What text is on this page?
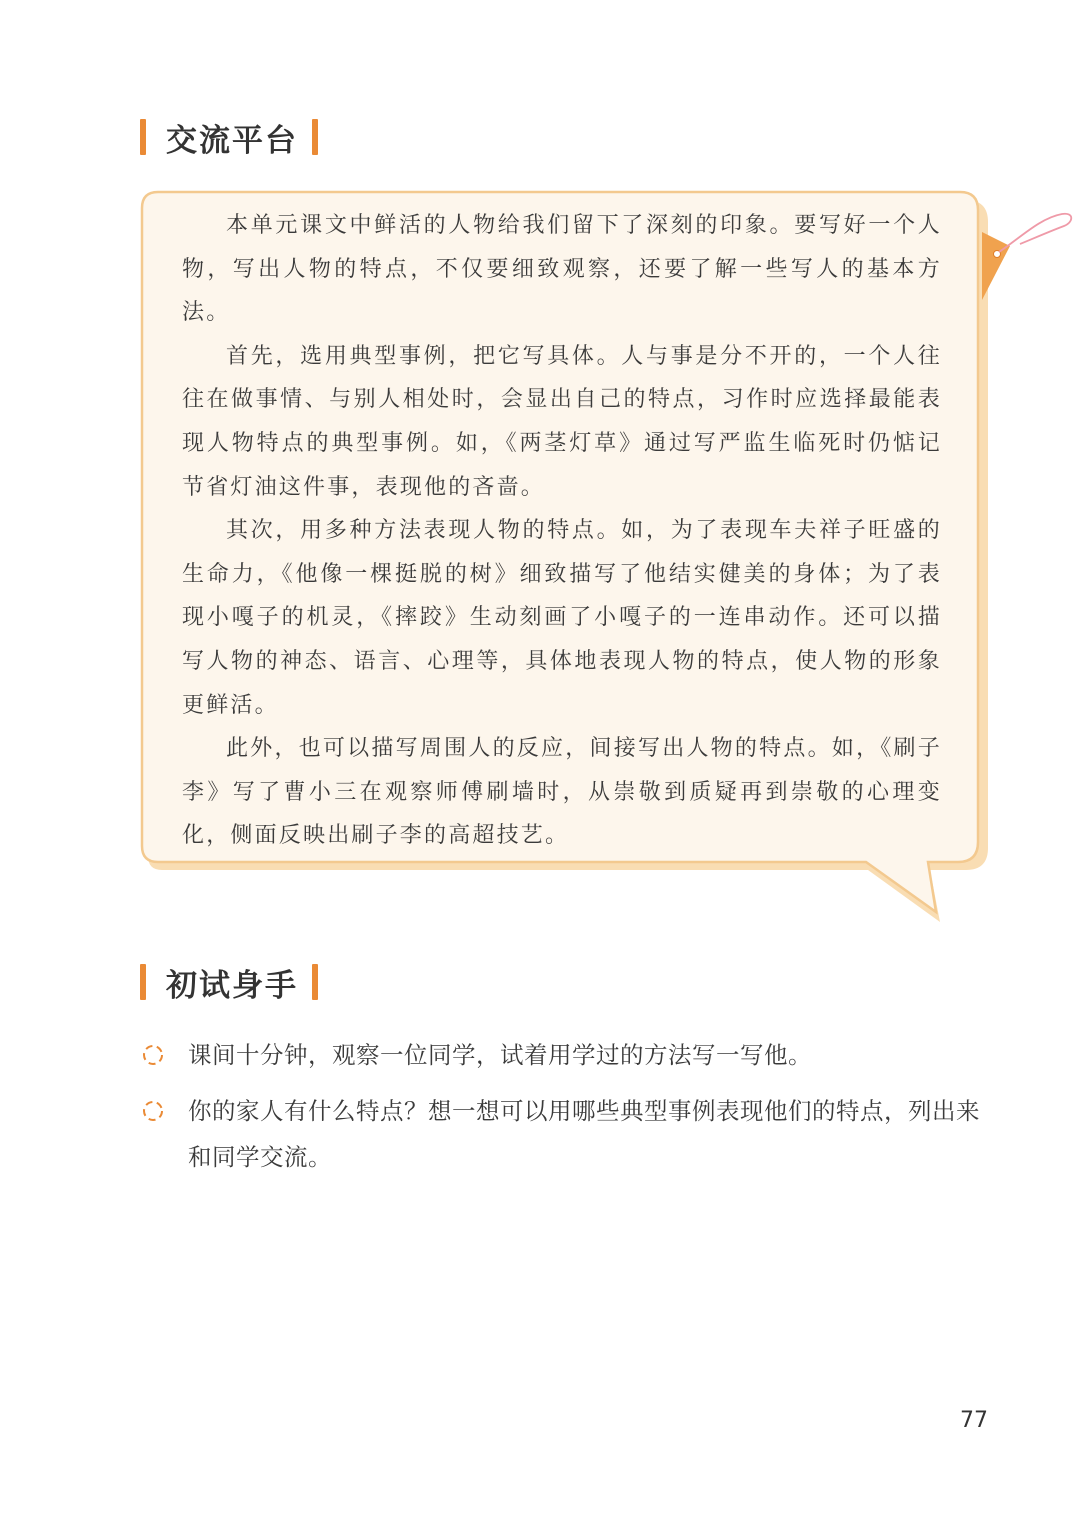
交流平台

本单元课文中鲜活的人物给我们留下了深刻的印象。要写好一个人物，写出人物的特点，不仅要细致观察，还要了解一些写人的基本方法。

首先，选用典型事例，把它写具体。人与事是分不开的，一个人往往在做事情、与别人相处时，会显出自己的特点，习作时应选择最能表现人物特点的典型事例。如，《两茎灯草》通过写严监生临死时仍惦记节省灯油这件事，表现他的吝啬。

其次，用多种方法表现人物的特点。如，为了表现车夫祥子旺盛的生命力，《他像一棵挺脱的树》细致描写了他结实健美的身体；为了表现小嘎子的机灵，《摔跤》生动刻画了小嘎子的一连串动作。还可以描写人物的神态、语言、心理等，具体地表现人物的特点，使人物的形象更鲜活。

此外，也可以描写周围人的反应，间接写出人物的特点。如，《刷子李》写了曹小三在观察师傅刷墙时，从崇敬到质疑再到崇敬的心理变化，侧面反映出刷子李的高超技艺。

初试身手
课间十分钟，观察一位同学，试着用学过的方法写一写他。
你的家人有什么特点？想一想可以用哪些典型事例表现他们的特点，列出来和同学交流。
77
